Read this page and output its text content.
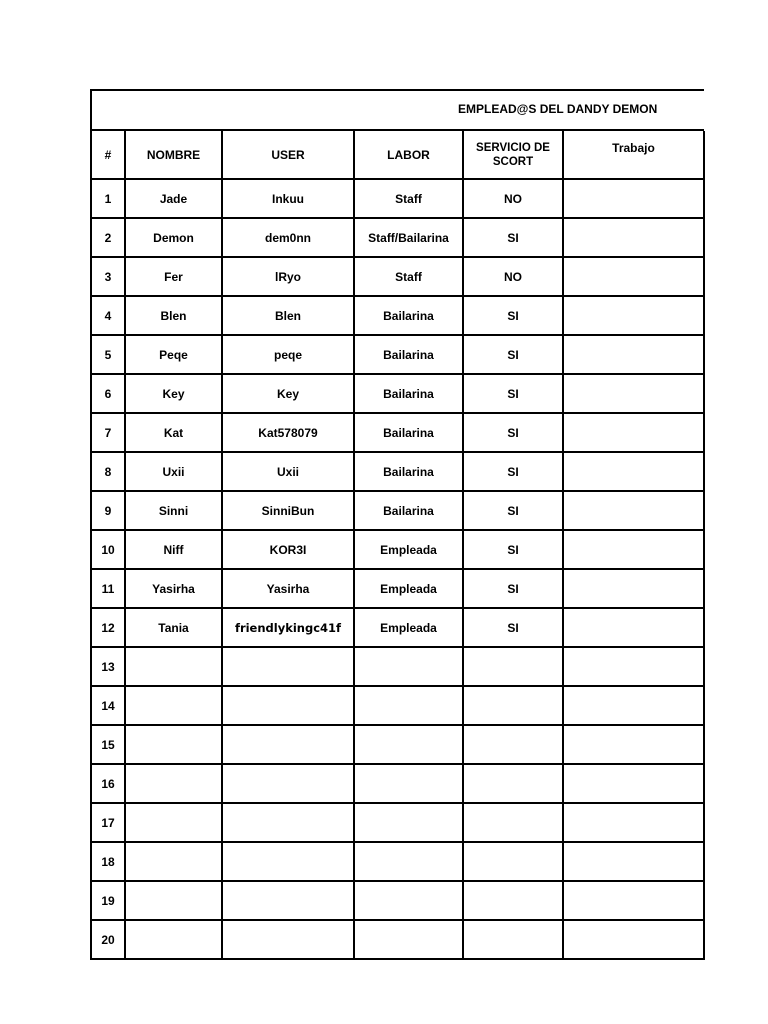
EMPLEAD@S DEL DANDY DEMON
#	NOMBRE	USER	LABOR	SERVICIO DE SCORT	Trabajo
1	Jade	Inkuu	Staff	NO	
2	Demon	dem0nn	Staff/Bailarina	SI	
3	Fer	lRyo	Staff	NO	
4	Blen	Blen	Bailarina	SI	
5	Peqe	peqe	Bailarina	SI	
6	Key	Key	Bailarina	SI	
7	Kat	Kat578079	Bailarina	SI	
8	Uxii	Uxii	Bailarina	SI	
9	Sinni	SinniBun	Bailarina	SI	
10	Niff	KOR3I	Empleada	SI	
11	Yasirha	Yasirha	Empleada	SI	
12	Tania	friendlykingc41f	Empleada	SI	
13					
14					
15					
16					
17					
18					
19					
20					
